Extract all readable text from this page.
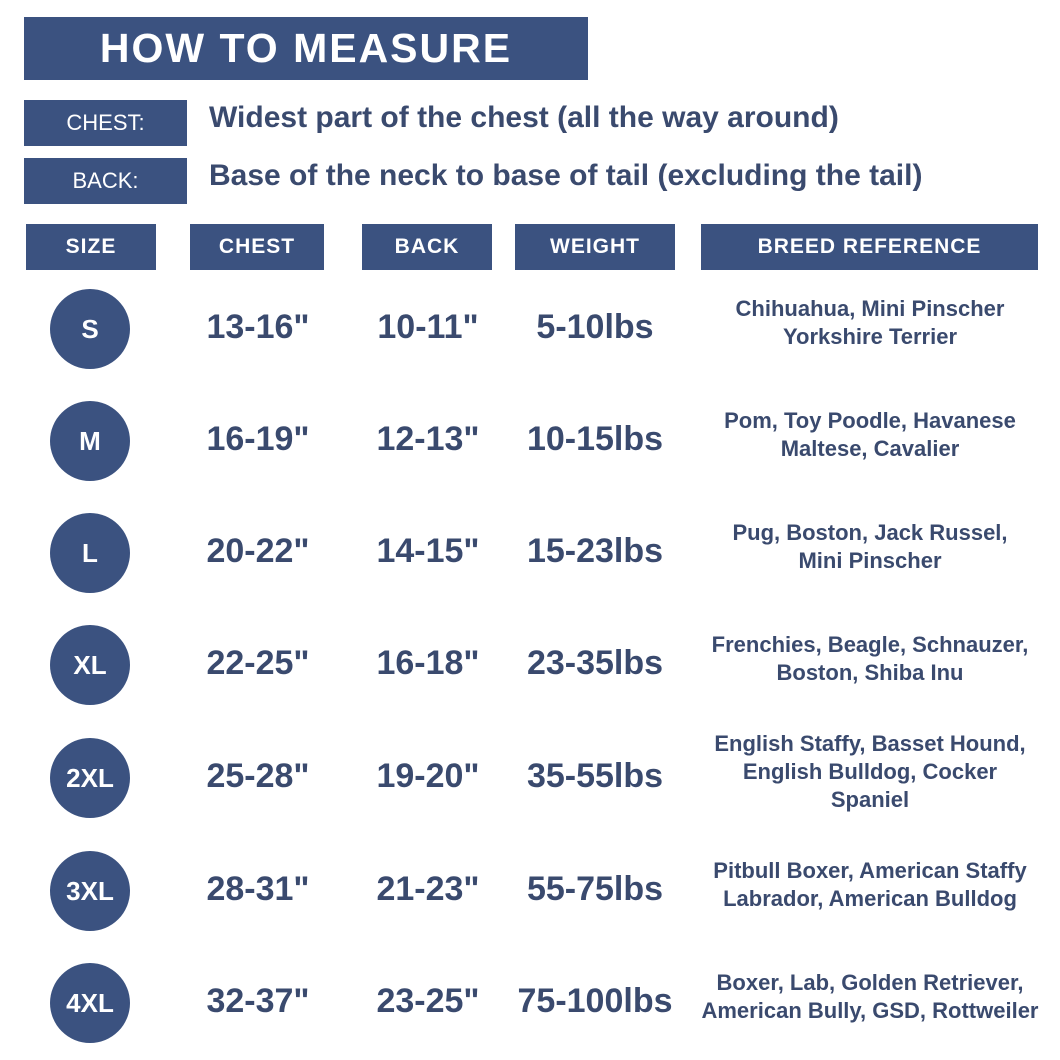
HOW TO MEASURE
CHEST:	Widest part of the chest (all the way around)
BACK:	Base of the neck to base of tail (excluding the tail)
SIZE	CHEST	BACK	WEIGHT	BREED REFERENCE
S	13-16"	10-11"	5-10lbs	Chihuahua, Mini Pinscher
Yorkshire Terrier
M	16-19"	12-13"	10-15lbs	Pom, Toy Poodle, Havanese
Maltese, Cavalier
L	20-22"	14-15"	15-23lbs	Pug, Boston, Jack Russel,
Mini Pinscher
XL	22-25"	16-18"	23-35lbs	Frenchies, Beagle, Schnauzer,
Boston, Shiba Inu
2XL	25-28"	19-20"	35-55lbs
English Staffy, Basset Hound,
English Bulldog, Cocker
Spaniel
3XL	28-31"	21-23"	55-75lbs	Pitbull Boxer, American Staffy
Labrador, American Bulldog
4XL	32-37"	23-25"	75-100lbs	Boxer, Lab, Golden Retriever,
American Bully, GSD, Rottweiler
